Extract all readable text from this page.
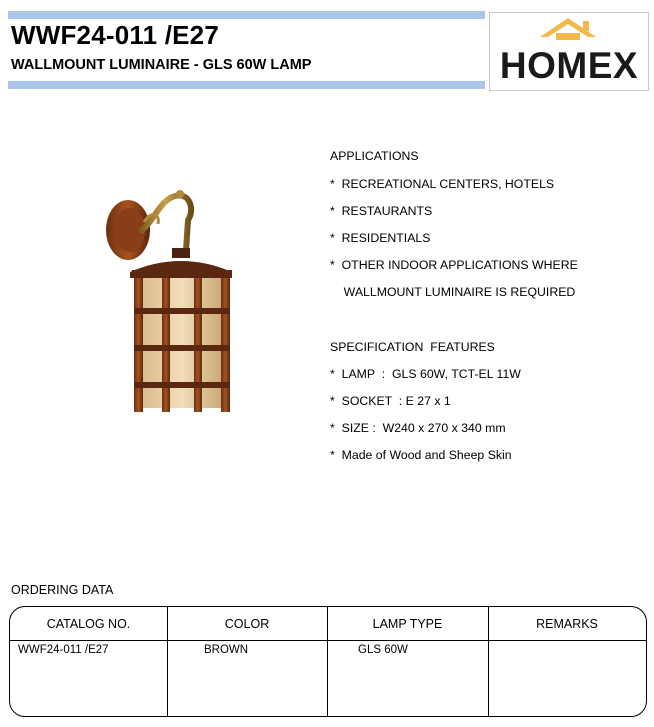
WWF24-011 /E27
WALLMOUNT LUMINAIRE - GLS 60W LAMP	HOMEX
APPLICATIONS
*  RECREATIONAL CENTERS, HOTELS
*  RESTAURANTS
*  RESIDENTIALS
*  OTHER INDOOR APPLICATIONS WHERE
WALLMOUNT LUMINAIRE IS REQUIRED
SPECIFICATION  FEATURES
*  LAMP  :  GLS 60W, TCT-EL 11W
*  SOCKET  : E 27 x 1
*  SIZE :  W240 x 270 x 340 mm
*  Made of Wood and Sheep Skin
ORDERING DATA
CATALOG NO.	COLOR	LAMP TYPE	REMARKS
WWF24-011 /E27	BROWN	GLS 60W
